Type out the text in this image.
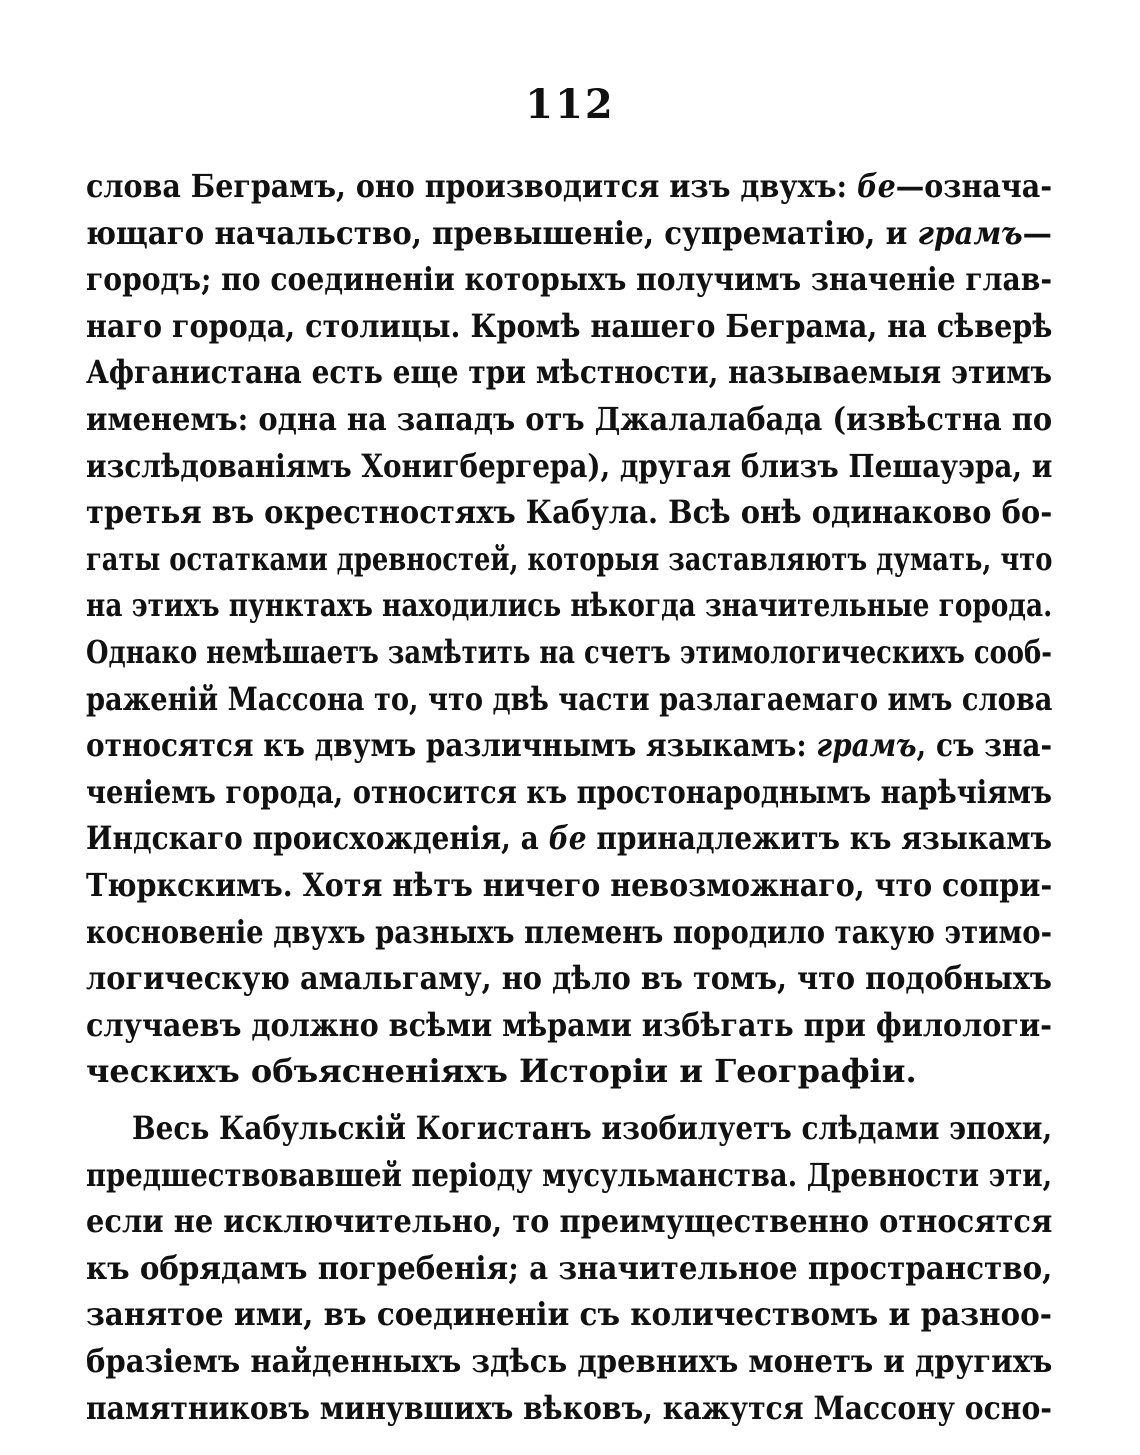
112
слова Беграмъ, оно производится изъ двухъ: бе—означа-
ющаго начальство, превышеніе, супрематію, и грамъ—
городъ; по соединеніи которыхъ получимъ значеніе глав-
наго города, столицы. Кромѣ нашего Беграма, на сѣверѣ
Афганистана есть еще три мѣстности, называемыя этимъ
именемъ: одна на западъ отъ Джалалабада (извѣстна по
изслѣдованіямъ Хонигбергера), другая близъ Пешауэра, и
третья въ окрестностяхъ Кабула. Всѣ онѣ одинаково бо-
гаты остатками древностей, которыя заставляютъ думать, что
на этихъ пунктахъ находились нѣкогда значительные города.
Однако немѣшаетъ замѣтить на счетъ этимологическихъ сооб-
раженій Массона то, что двѣ части разлагаемаго имъ слова
относятся къ двумъ различнымъ языкамъ: грамъ, съ зна-
ченіемъ города, относится къ простонароднымъ нарѣчіямъ
Индскаго происхожденія, а бе принадлежитъ къ языкамъ
Тюркскимъ. Хотя нѣтъ ничего невозможнаго, что сопри-
косновеніе двухъ разныхъ племенъ породило такую этимо-
логическую амальгаму, но дѣло въ томъ, что подобныхъ
случаевъ должно всѣми мѣрами избѣгать при филологи-
ческихъ объясненіяхъ Исторіи и Географіи.
Весь Кабульскій Когистанъ изобилуетъ слѣдами эпохи,
предшествовавшей періоду мусульманства. Древности эти,
если не исключительно, то преимущественно относятся
къ обрядамъ погребенія; а значительное пространство,
занятое ими, въ соединеніи съ количествомъ и разноо-
бразіемъ найденныхъ здѣсь древнихъ монетъ и другихъ
памятниковъ минувшихъ вѣковъ, кажутся Массону осно-
